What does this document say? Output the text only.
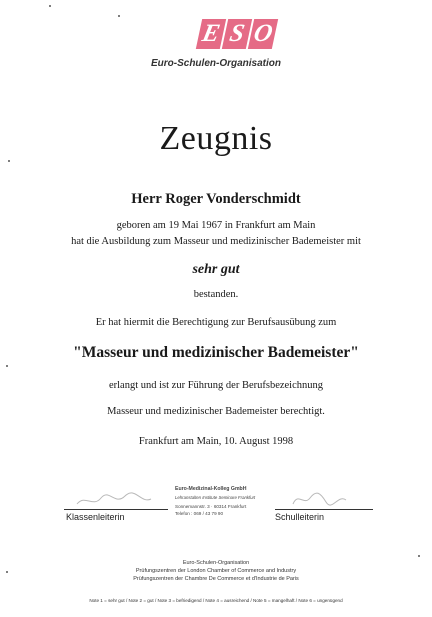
E S O
Euro-Schulen-Organisation
Zeugnis
Herr Roger Vonderschmidt
geboren am 19 Mai 1967 in Frankfurt am Main
hat die Ausbildung zum Masseur und medizinischer Bademeister mit
sehr gut
bestanden.
Er hat hiermit die Berechtigung zur Berufsausübung zum
"Masseur und medizinischer Bademeister"
erlangt und ist zur Führung der Berufsbezeichnung
Masseur und medizinischer Bademeister berechtigt.
Frankfurt am Main, 10. August 1998
Klassenleiterin	Schulleiterin
Euro-Medizinal-Kolleg GmbH
Lehranstalten Institute Seminare Frankfurt
Sonnemannstr. 3 · 60314 Frankfurt
Telefon : 069 / 43 79 90
Euro-Schulen-Organisation
Prüfungszentren der London Chamber of Commerce and Industry
Prüfungszentren der Chambre De Commerce et d'Industrie de Paris
Note 1 = sehr gut / Note 2 = gut / Note 3 = befriedigend / Note 4 = ausreichend / Note 5 = mangelhaft / Note 6 = ungenügend
